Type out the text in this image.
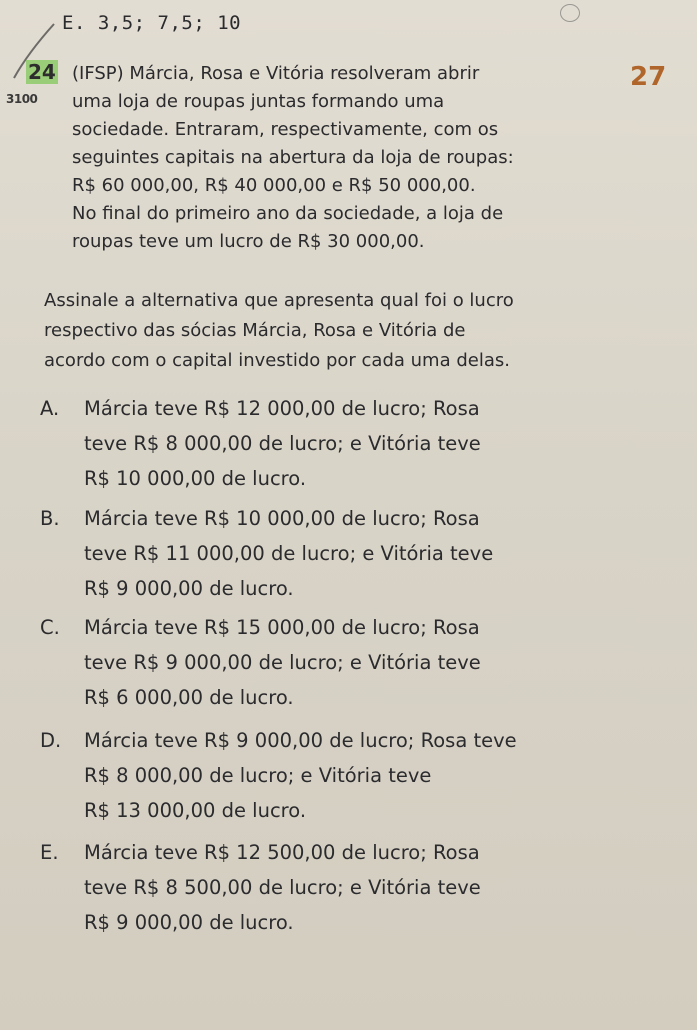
E. 3,5; 7,5; 10
24
3100
27

(IFSP) Márcia, Rosa e Vitória resolveram abrir

uma loja de roupas juntas formando uma

sociedade. Entraram, respectivamente, com os

seguintes capitais na abertura da loja de roupas:

R$ 60 000,00, R$ 40 000,00 e R$ 50 000,00.

No final do primeiro ano da sociedade, a loja de

roupas teve um lucro de R$ 30 000,00.

Assinale a alternativa que apresenta qual foi o lucro
respectivo das sócias Márcia, Rosa e Vitória de
acordo com o capital investido por cada uma delas.
A.	Márcia teve R$ 12 000,00 de lucro; Rosa
teve R$ 8 000,00 de lucro; e Vitória teve
R$ 10 000,00 de lucro.
B.	Márcia teve R$ 10 000,00 de lucro; Rosa
teve R$ 11 000,00 de lucro; e Vitória teve
R$ 9 000,00 de lucro.
C.	Márcia teve R$ 15 000,00 de lucro; Rosa
teve R$ 9 000,00 de lucro; e Vitória teve
R$ 6 000,00 de lucro.
D.	Márcia teve R$ 9 000,00 de lucro; Rosa teve
R$ 8 000,00 de lucro; e Vitória teve
R$ 13 000,00 de lucro.
E.	Márcia teve R$ 12 500,00 de lucro; Rosa
teve R$ 8 500,00 de lucro; e Vitória teve
R$ 9 000,00 de lucro.
